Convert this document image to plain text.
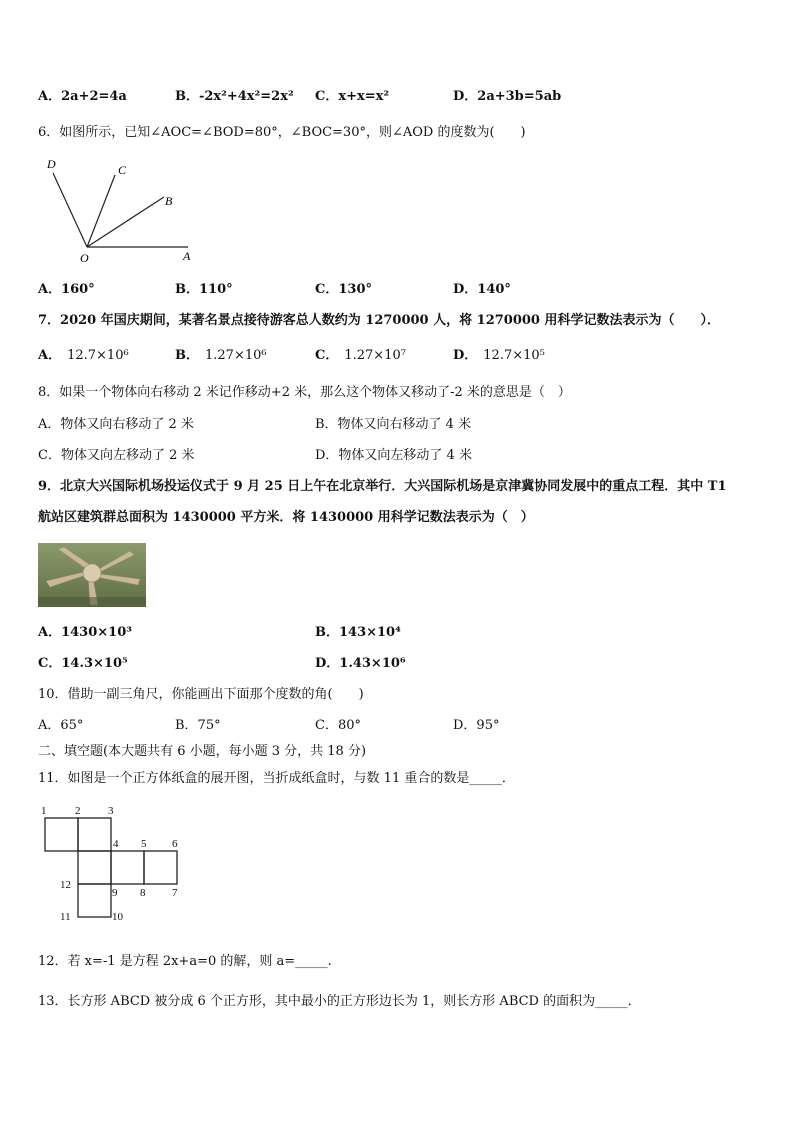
A．2a+2=4a	B．-2x²+4x²=2x² C．x+x=x²	D．2a+3b=5ab
6．如图所示，已知∠AOC=∠BOD=80°，∠BOC=30°，则∠AOD 的度数为(　　)
D	C
B
O	A
A．160°	B．110°	C．130°	D．140°
7．2020 年国庆期间，某著名景点接待游客总人数约为 1270000 人，将 1270000 用科学记数法表示为（　　）．
A． 12.7×10⁶	B． 1.27×10⁶	C． 1.27×10⁷	D． 12.7×10⁵
8．如果一个物体向右移动 2 米记作移动+2 米，那么这个物体又移动了-2 米的意思是（　）
A．物体又向右移动了 2 米	B．物体又向右移动了 4 米
C．物体又向左移动了 2 米	D．物体又向左移动了 4 米
9．北京大兴国际机场投运仪式于 9 月 25 日上午在北京举行．大兴国际机场是京津冀协同发展中的重点工程．其中 T1
航站区建筑群总面积为 1430000 平方米．将 1430000 用科学记数法表示为（　）
A．1430×10³	B．143×10⁴
C．14.3×10⁵	D．1.43×10⁶
10．借助一副三角尺，你能画出下面那个度数的角(　　)
A．65°	B．75°	C．80°	D．95°
二、填空题(本大题共有 6 小题，每小题 3 分，共 18 分)
11．如图是一个正方体纸盒的展开图，当折成纸盒时，与数 11 重合的数是_____．
1	2	3
4 5 6
7
8
9
10
11
12
12．若 x=-1 是方程 2x+a=0 的解，则 a=_____.
13．长方形 ABCD 被分成 6 个正方形，其中最小的正方形边长为 1，则长方形 ABCD 的面积为_____．
